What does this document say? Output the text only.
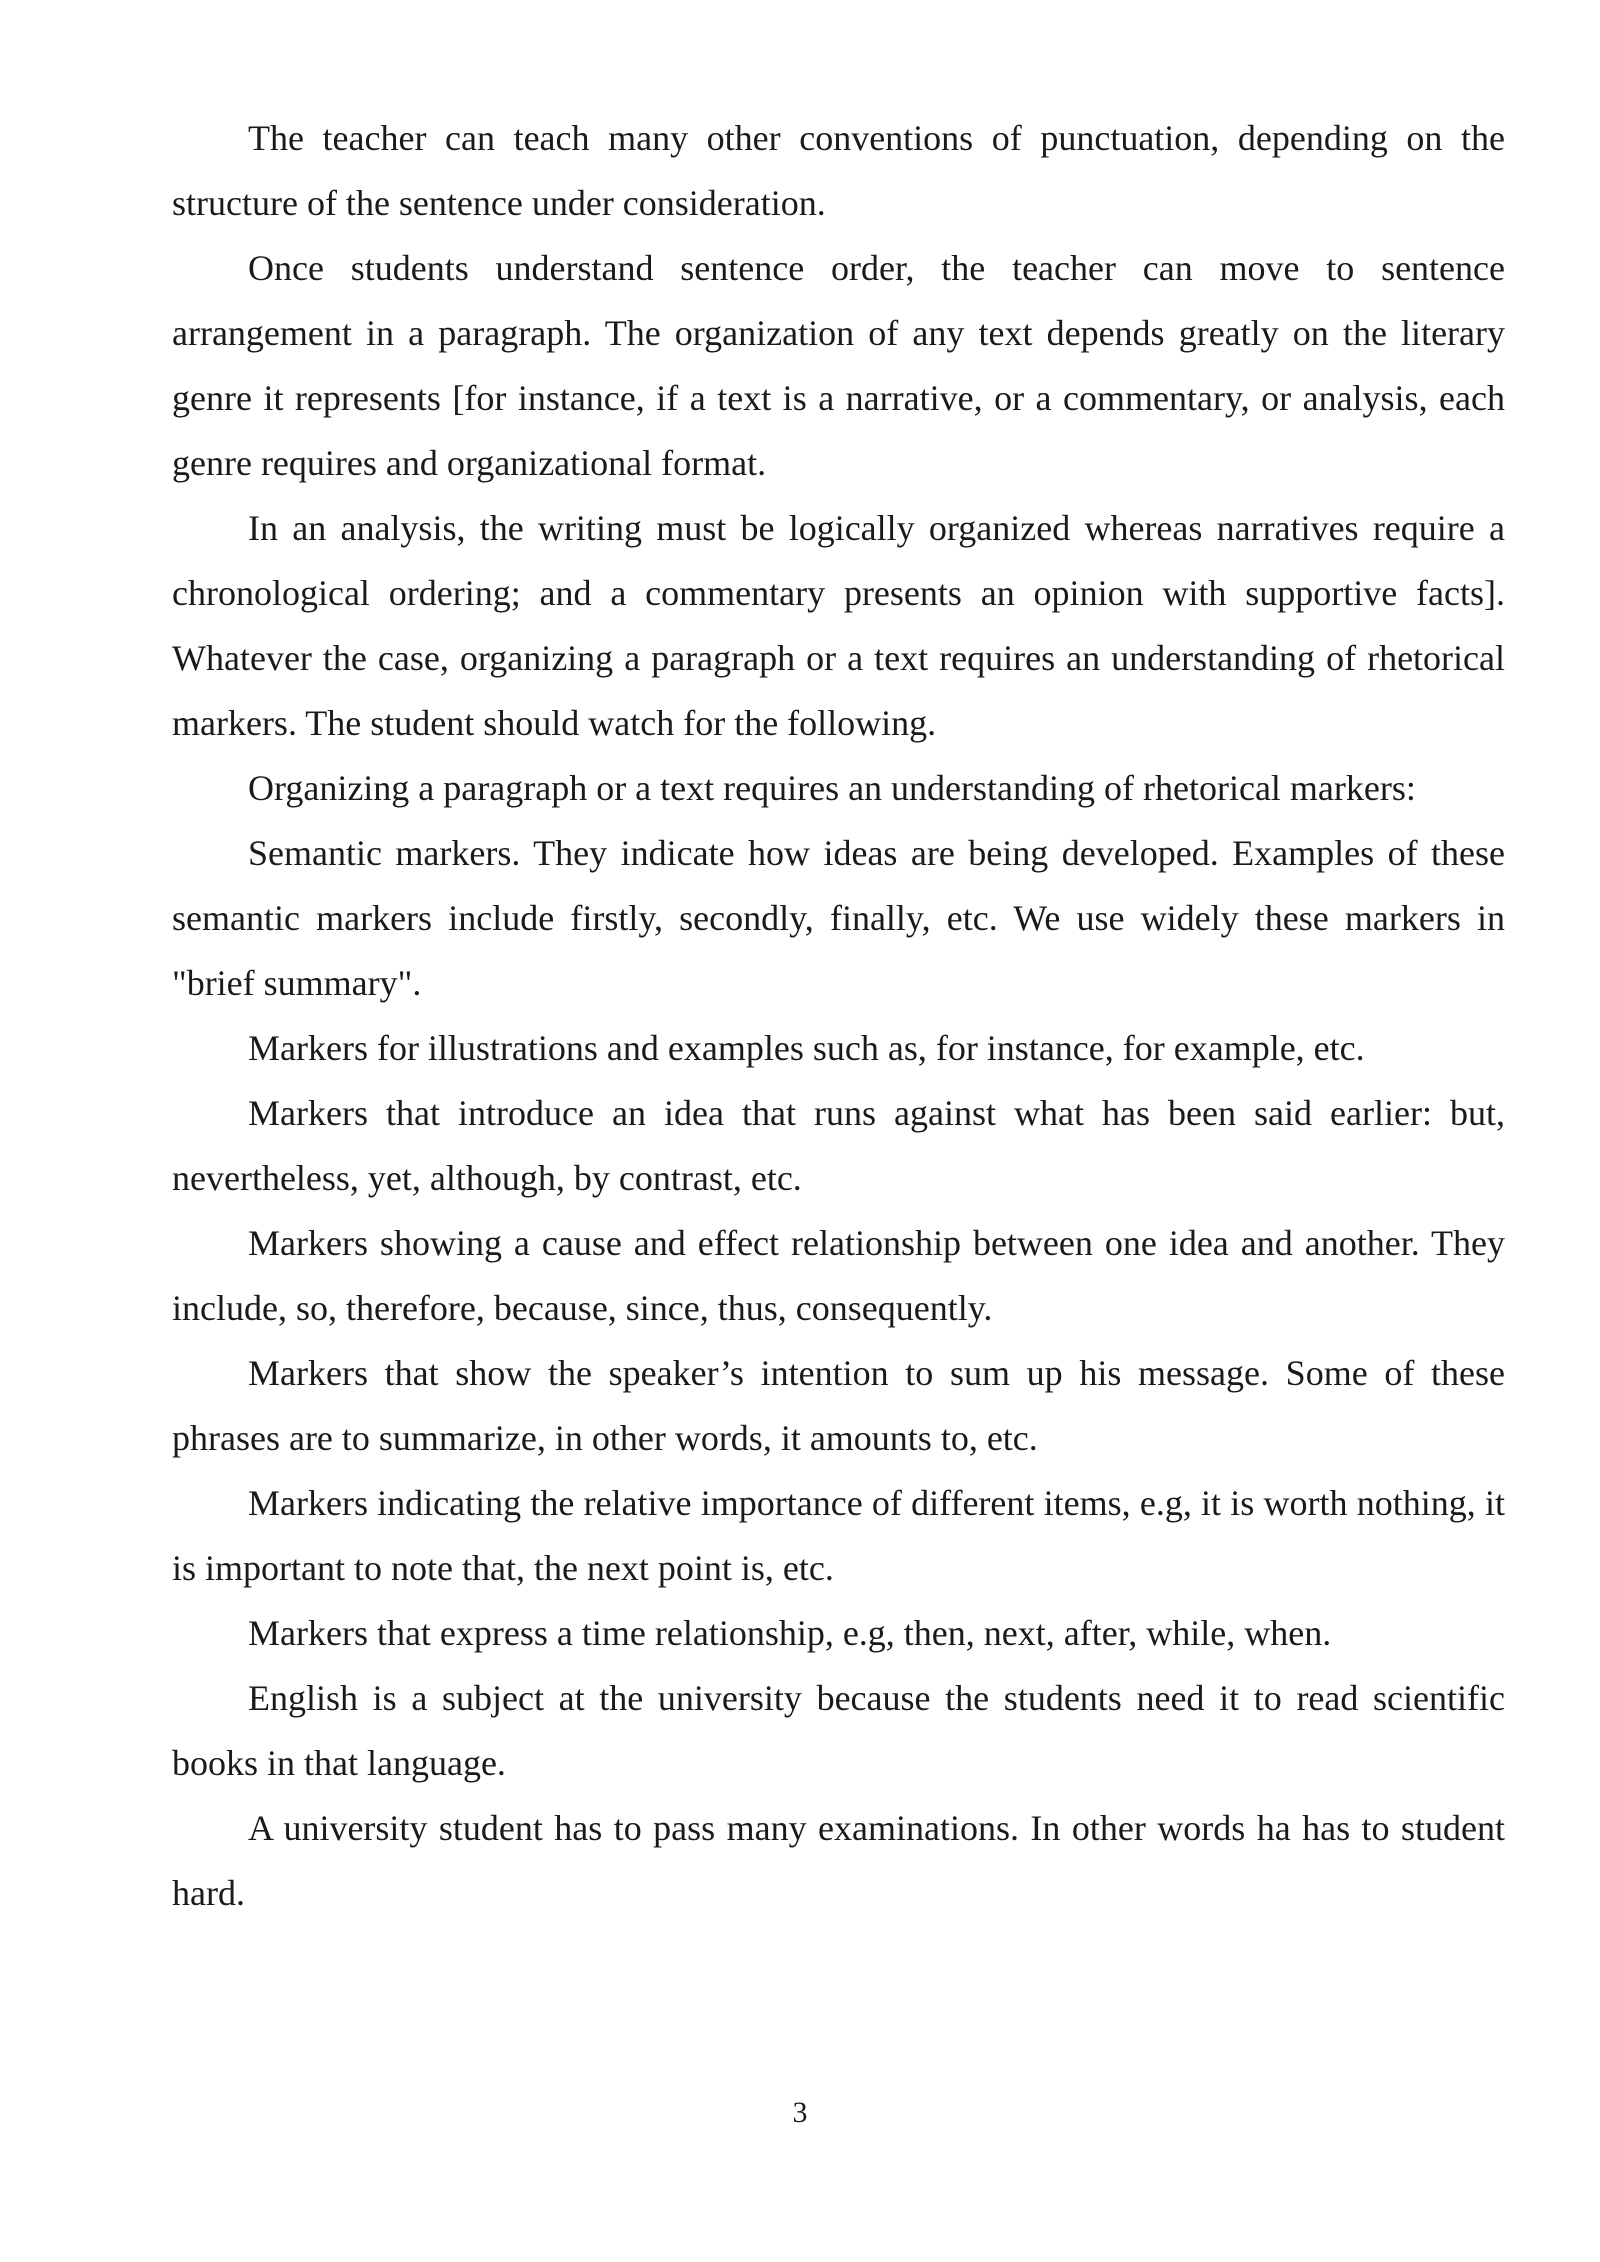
The teacher can teach many other conventions of punctuation, depending on the structure of the sentence under consideration.

Once students understand sentence order, the teacher can move to sentence arrangement in a paragraph. The organization of any text depends greatly on the literary genre it represents [for instance, if a text is a narrative, or a commentary, or analysis, each genre requires and organizational format.

In an analysis, the writing must be logically organized whereas narratives require a chronological ordering; and a commentary presents an opinion with supportive facts]. Whatever the case, organizing a paragraph or a text requires an understanding of rhetorical markers. The student should watch for the following.

Organizing a paragraph or a text requires an understanding of rhetorical markers:

Semantic markers. They indicate how ideas are being developed. Examples of these semantic markers include firstly, secondly, finally, etc. We use widely these markers in "brief summary".

Markers for illustrations and examples such as, for instance, for example, etc.

Markers that introduce an idea that runs against what has been said earlier: but, nevertheless, yet, although, by contrast, etc.

Markers showing a cause and effect relationship between one idea and another. They include, so, therefore, because, since, thus, consequently.

Markers that show the speaker’s intention to sum up his message. Some of these phrases are to summarize, in other words, it amounts to, etc.

Markers indicating the relative importance of different items, e.g, it is worth nothing, it is important to note that, the next point is, etc.

Markers that express a time relationship, e.g, then, next, after, while, when.

English is a subject at the university because the students need it to read scientific books in that language.

A university student has to pass many examinations. In other words ha has to student hard.

3
